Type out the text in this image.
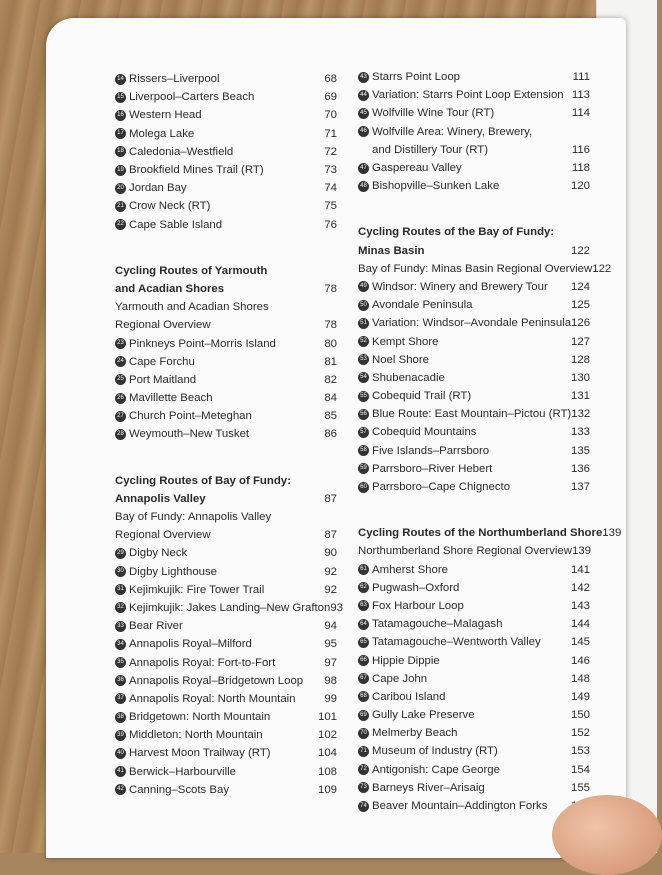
14 Rissers–Liverpool	68
15 Liverpool–Carters Beach	69
16 Western Head	70
17 Molega Lake	71
18 Caledonia–Westfield	72
19 Brookfield Mines Trail (RT)	73
20 Jordan Bay	74
21 Crow Neck (RT)	75
22 Cape Sable Island	76
Cycling Routes of Yarmouth
and Acadian Shores	78
Yarmouth and Acadian Shores
Regional Overview	78
23 Pinkneys Point–Morris Island	80
24 Cape Forchu	81
25 Port Maitland	82
26 Mavillette Beach	84
27 Church Point–Meteghan	85
28 Weymouth–New Tusket	86
Cycling Routes of Bay of Fundy:
Annapolis Valley	87
Bay of Fundy: Annapolis Valley
Regional Overview	87
29 Digby Neck	90
30 Digby Lighthouse	92
31 Kejimkujik: Fire Tower Trail	92
32 Kejimkujik: Jakes Landing–New Grafton 93
33 Bear River	94
34 Annapolis Royal–Milford	95
35 Annapolis Royal: Fort-to-Fort	97
36 Annapolis Royal–Bridgetown Loop	98
37 Annapolis Royal: North Mountain	99
38 Bridgetown: North Mountain	101
39 Middleton: North Mountain	102
40 Harvest Moon Trailway (RT)	104
41 Berwick–Harbourville	108
42 Canning–Scots Bay	109
43 Starrs Point Loop	111
44 Variation: Starrs Point Loop Extension 113
45 Wolfville Wine Tour (RT)	114
46 Wolfville Area: Winery, Brewery,
and Distillery Tour (RT)	116
47 Gaspereau Valley	118
48 Bishopville–Sunken Lake	120
Cycling Routes of the Bay of Fundy:
Minas Basin	122
Bay of Fundy: Minas Basin Regional Overview 122
49 Windsor: Winery and Brewery Tour	124
50 Avondale Peninsula	125
51 Variation: Windsor–Avondale Peninsula 126
52 Kempt Shore	127
53 Noel Shore	128
54 Shubenacadie	130
55 Cobequid Trail (RT)	131
56 Blue Route: East Mountain–Pictou (RT) 132
57 Cobequid Mountains	133
58 Five Islands–Parrsboro	135
59 Parrsboro–River Hebert	136
60 Parrsboro–Cape Chignecto	137
Cycling Routes of the Northumberland Shore 139
Northumberland Shore Regional Overview 139
61 Amherst Shore	141
62 Pugwash–Oxford	142
63 Fox Harbour Loop	143
64 Tatamagouche–Malagash	144
65 Tatamagouche–Wentworth Valley	145
66 Hippie Dippie	146
67 Cape John	148
68 Caribou Island	149
69 Gully Lake Preserve	150
70 Melmerby Beach	152
71 Museum of Industry (RT)	153
72 Antigonish: Cape George	154
73 Barneys River–Arisaig	155
74 Beaver Mountain–Addington Forks
